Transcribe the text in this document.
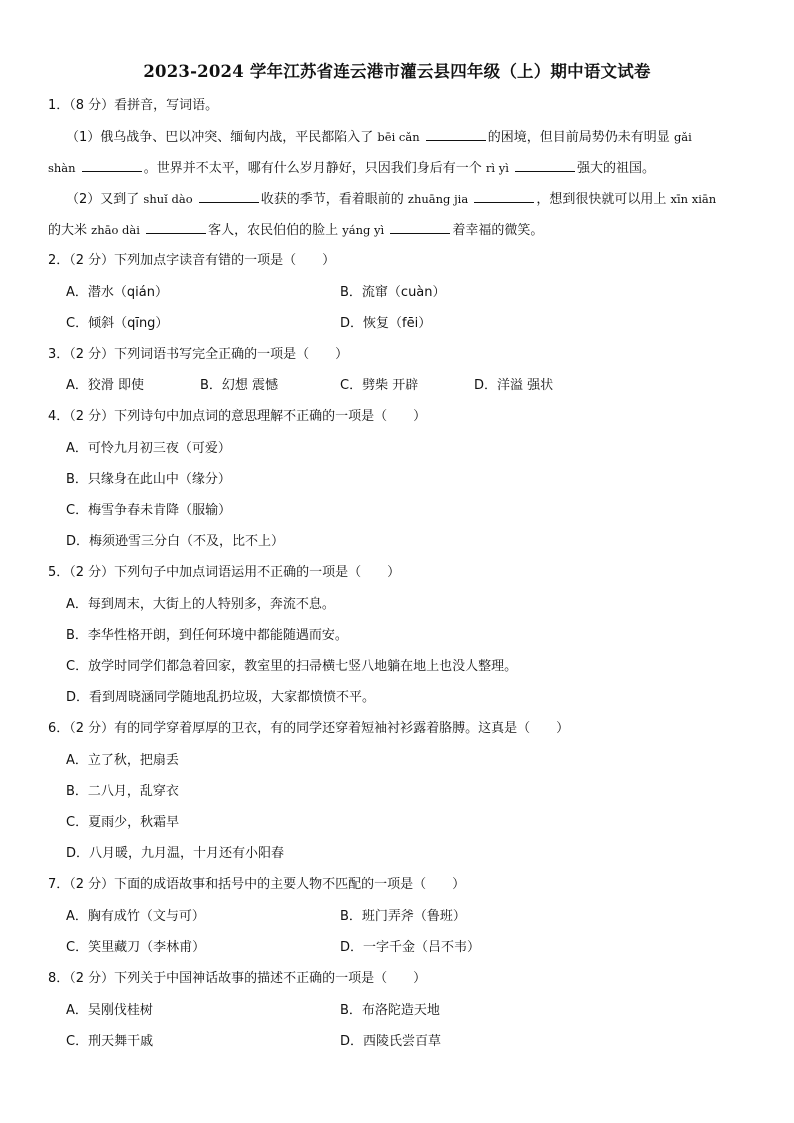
2023-2024 学年江苏省连云港市灌云县四年级（上）期中语文试卷
1．（8 分）看拼音，写词语。
（1）俄乌战争、巴以冲突、缅甸内战，平民都陷入了 bēi cǎn	的困境，但目前局势仍未有明显 gǎi
shàn	。世界并不太平，哪有什么岁月静好，只因我们身后有一个 rì yì	强大的祖国。
（2）又到了 shuǐ dào	收获的季节，看着眼前的 zhuāng jia	，想到很快就可以用上 xīn xiān
的大米 zhāo dài	客人，农民伯伯的脸上 yáng yì	着幸福的微笑。
2．（2 分）下列加点字读音有错的一项是（　　）
A．潜水（qián）	B．流窜（cuàn）
C．倾斜（qīng）	D．恢复（fēi）
3．（2 分）下列词语书写完全正确的一项是（　　）
A．狡滑 即使	B．幻想 震憾	C．劈柴 开辟	D．洋溢 强状
4．（2 分）下列诗句中加点词的意思理解不正确的一项是（　　）
A．可怜九月初三夜（可爱）
B．只缘身在此山中（缘分）
C．梅雪争春未肯降（服输）
D．梅须逊雪三分白（不及，比不上）
5．（2 分）下列句子中加点词语运用不正确的一项是（　　）
A．每到周末，大街上的人特别多，奔流不息。
B．李华性格开朗，到任何环境中都能随遇而安。
C．放学时同学们都急着回家，教室里的扫帚横七竖八地躺在地上也没人整理。
D．看到周晓涵同学随地乱扔垃圾，大家都愤愤不平。
6．（2 分）有的同学穿着厚厚的卫衣，有的同学还穿着短袖衬衫露着胳膊。这真是（　　）
A．立了秋，把扇丢
B．二八月，乱穿衣
C．夏雨少，秋霜早
D．八月暖，九月温，十月还有小阳春
7．（2 分）下面的成语故事和括号中的主要人物不匹配的一项是（　　）
A．胸有成竹（文与可）	B．班门弄斧（鲁班）
C．笑里藏刀（李林甫）	D．一字千金（吕不韦）
8．（2 分）下列关于中国神话故事的描述不正确的一项是（　　）
A．吴刚伐桂树	B．布洛陀造天地
C．刑天舞干戚	D．西陵氏尝百草
